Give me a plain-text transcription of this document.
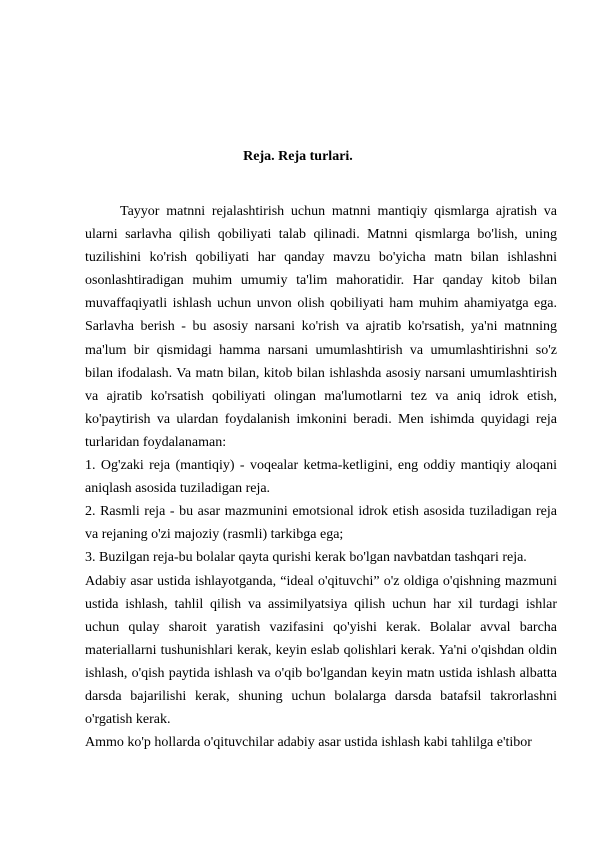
Reja. Reja turlari.

Tayyor matnni rejalashtirish uchun matnni mantiqiy qismlarga ajratish va ularni sarlavha qilish qobiliyati talab qilinadi. Matnni qismlarga bo'lish, uning tuzilishini ko'rish qobiliyati har qanday mavzu bo'yicha matn bilan ishlashni osonlashtiradigan muhim umumiy ta'lim mahoratidir. Har qanday kitob bilan muvaffaqiyatli ishlash uchun unvon olish qobiliyati ham muhim ahamiyatga ega. Sarlavha berish - bu asosiy narsani ko'rish va ajratib ko'rsatish, ya'ni matnning ma'lum bir qismidagi hamma narsani umumlashtirish va umumlashtirishni so'z bilan ifodalash. Va matn bilan, kitob bilan ishlashda asosiy narsani umumlashtirish va ajratib ko'rsatish qobiliyati olingan ma'lumotlarni tez va aniq idrok etish, ko'paytirish va ulardan foydalanish imkonini beradi. Men ishimda quyidagi reja turlaridan foydalanaman:

1. Og'zaki reja (mantiqiy) - voqealar ketma-ketligini, eng oddiy mantiqiy aloqani aniqlash asosida tuziladigan reja.

2. Rasmli reja - bu asar mazmunini emotsional idrok etish asosida tuziladigan reja va rejaning o'zi majoziy (rasmli) tarkibga ega;

3. Buzilgan reja-bu bolalar qayta qurishi kerak bo'lgan navbatdan tashqari reja.

Adabiy asar ustida ishlayotganda, “ideal o'qituvchi” o'z oldiga o'qishning mazmuni ustida ishlash, tahlil qilish va assimilyatsiya qilish uchun har xil turdagi ishlar uchun qulay sharoit yaratish vazifasini qo'yishi kerak. Bolalar avval barcha materiallarni tushunishlari kerak, keyin eslab qolishlari kerak. Ya'ni o'qishdan oldin ishlash, o'qish paytida ishlash va o'qib bo'lgandan keyin matn ustida ishlash albatta darsda bajarilishi kerak, shuning uchun bolalarga darsda batafsil takrorlashni o'rgatish kerak.

Ammo ko'p hollarda o'qituvchilar adabiy asar ustida ishlash kabi tahlilga e'tibor
